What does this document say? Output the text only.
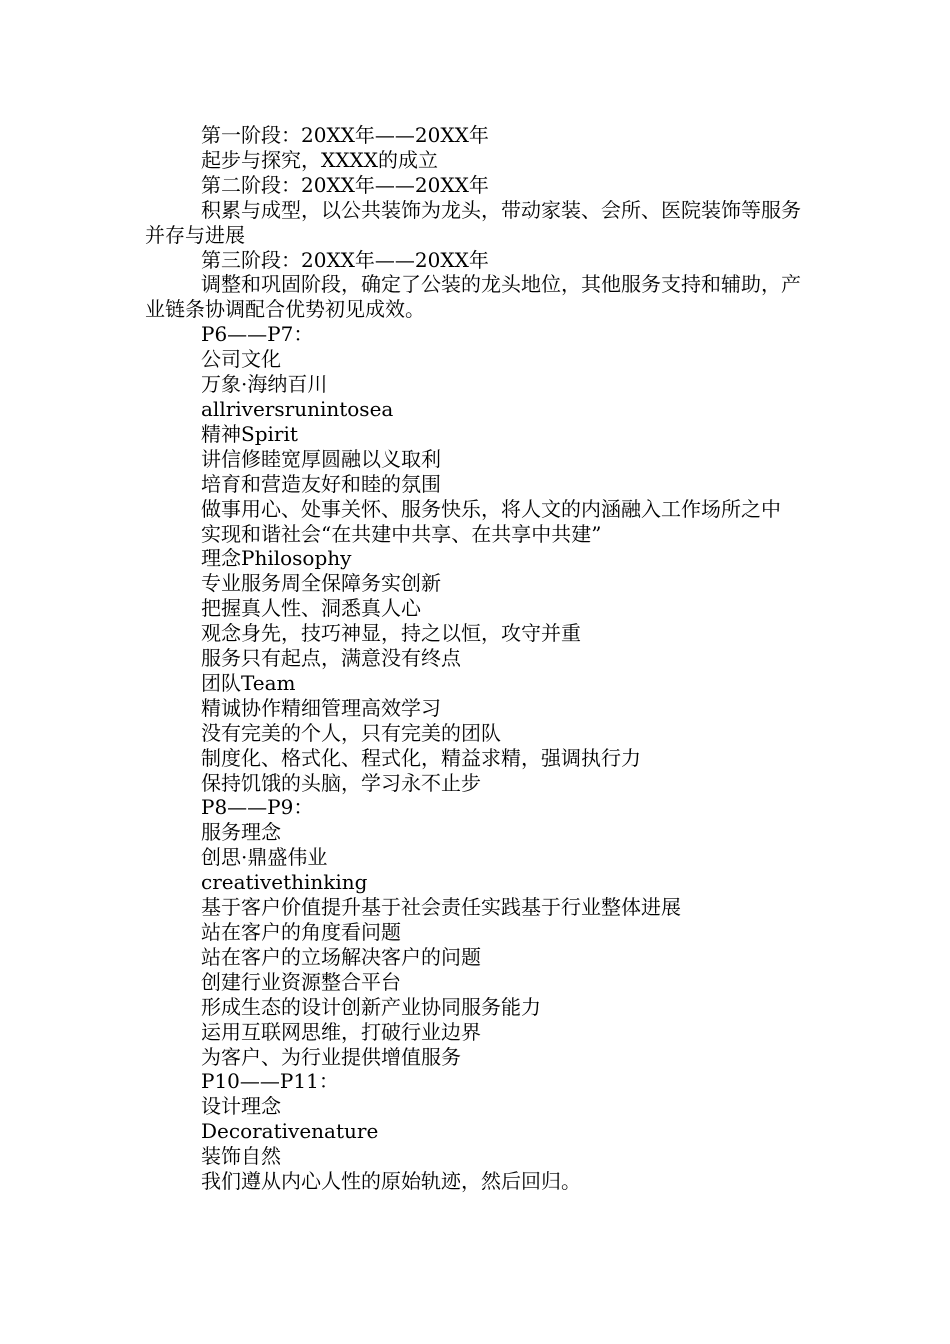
第一阶段：20XX年——20XX年

起步与探究，XXXX的成立

第二阶段：20XX年——20XX年

积累与成型，以公共装饰为龙头，带动家装、会所、医院装饰等服务并存与进展

第三阶段：20XX年——20XX年

调整和巩固阶段，确定了公装的龙头地位，其他服务支持和辅助，产业链条协调配合优势初见成效。

P6——P7：

公司文化

万象·海纳百川

allriversrunintosea

精神Spirit

讲信修睦宽厚圆融以义取利

培育和营造友好和睦的氛围

做事用心、处事关怀、服务快乐，将人文的内涵融入工作场所之中

实现和谐社会“在共建中共享、在共享中共建”

理念Philosophy

专业服务周全保障务实创新

把握真人性、洞悉真人心

观念身先，技巧神显，持之以恒，攻守并重

服务只有起点，满意没有终点

团队Team

精诚协作精细管理高效学习

没有完美的个人，只有完美的团队

制度化、格式化、程式化，精益求精，强调执行力

保持饥饿的头脑，学习永不止步

P8——P9：

服务理念

创思·鼎盛伟业

creativethinking

基于客户价值提升基于社会责任实践基于行业整体进展

站在客户的角度看问题

站在客户的立场解决客户的问题

创建行业资源整合平台

形成生态的设计创新产业协同服务能力

运用互联网思维，打破行业边界

为客户、为行业提供增值服务

P10——P11：

设计理念

Decorativenature

装饰自然

我们遵从内心人性的原始轨迹，然后回归。
